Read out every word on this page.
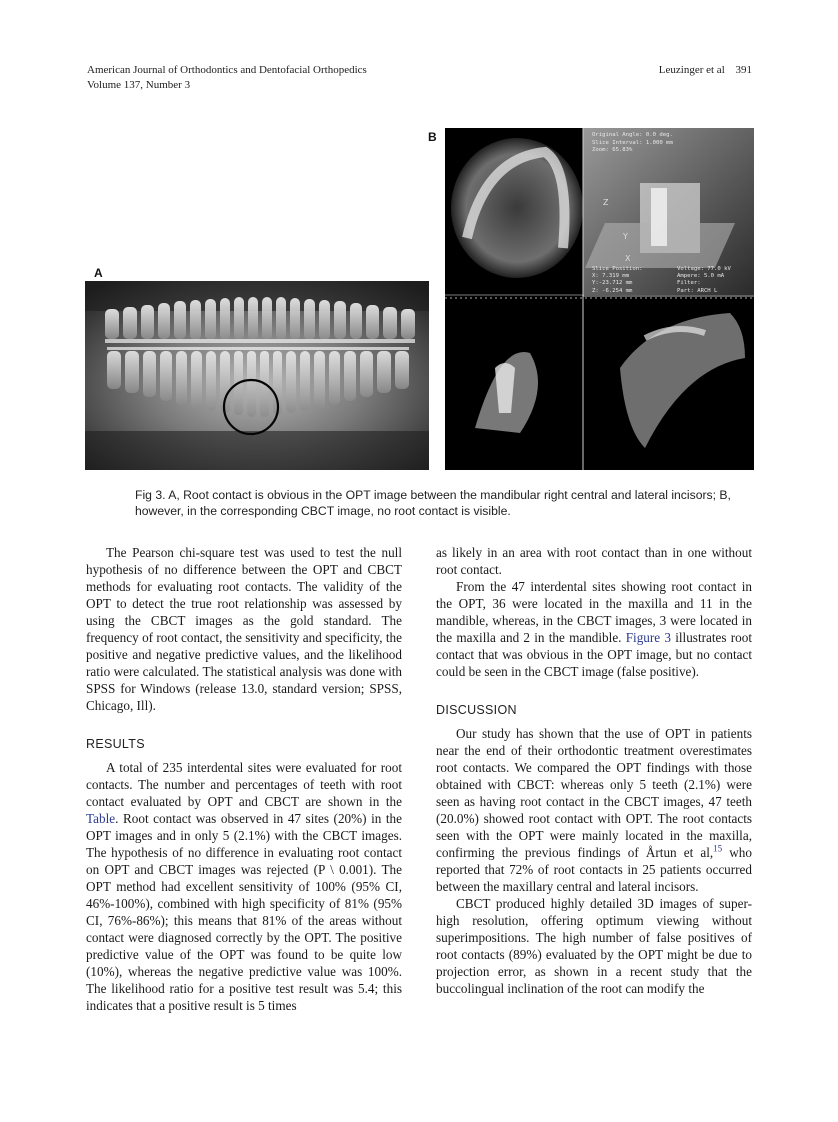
American Journal of Orthodontics and Dentofacial Orthopedics
Volume 137, Number 3
Leuzinger et al 391
A
B	Original Angle: 0.0 deg.
Slice Interval: 1.000 mm
Zoom: 65.83%
Slice Position:
X: 7.319 mm
Y:-23.712 mm
Z: -6.254 mm
Voltage: 77.0 kV
Ampere: 5.0 mA
Filter:
Part: ARCH L
Z
Y
X
Fig 3. A, Root contact is obvious in the OPT image between the mandibular right central and lateral incisors; B, however, in the corresponding CBCT image, no root contact is visible.

The Pearson chi-square test was used to test the null hypothesis of no difference between the OPT and CBCT methods for evaluating root contacts. The validity of the OPT to detect the true root relationship was assessed by using the CBCT images as the gold standard. The frequency of root contact, the sensitivity and specificity, the positive and negative predictive values, and the likelihood ratio were calculated. The statistical analysis was done with SPSS for Windows (release 13.0, standard version; SPSS, Chicago, Ill).

RESULTS

A total of 235 interdental sites were evaluated for root contacts. The number and percentages of teeth with root contact evaluated by OPT and CBCT are shown in the Table. Root contact was observed in 47 sites (20%) in the OPT images and in only 5 (2.1%) with the CBCT images. The hypothesis of no difference in evaluating root contact on OPT and CBCT images was rejected (P \ 0.001). The OPT method had excellent sensitivity of 100% (95% CI, 46%-100%), combined with high specificity of 81% (95% CI, 76%-86%); this means that 81% of the areas without contact were diagnosed correctly by the OPT. The positive predictive value of the OPT was found to be quite low (10%), whereas the negative predictive value was 100%. The likelihood ratio for a positive test result was 5.4; this indicates that a positive result is 5 times

as likely in an area with root contact than in one without root contact.

From the 47 interdental sites showing root contact in the OPT, 36 were located in the maxilla and 11 in the mandible, whereas, in the CBCT images, 3 were located in the maxilla and 2 in the mandible. Figure 3 illustrates root contact that was obvious in the OPT image, but no contact could be seen in the CBCT image (false positive).

DISCUSSION

Our study has shown that the use of OPT in patients near the end of their orthodontic treatment overestimates root contacts. We compared the OPT findings with those obtained with CBCT: whereas only 5 teeth (2.1%) were seen as having root contact in the CBCT images, 47 teeth (20.0%) showed root contact with OPT. The root contacts seen with the OPT were mainly located in the maxilla, confirming the previous findings of Årtun et al,$^{15}$ who reported that 72% of root contacts in 25 patients occurred between the maxillary central and lateral incisors.

CBCT produced highly detailed 3D images of super-high resolution, offering optimum viewing without superimpositions. The high number of false positives of root contacts (89%) evaluated by the OPT might be due to projection error, as shown in a recent study that the buccolingual inclination of the root can modify the
